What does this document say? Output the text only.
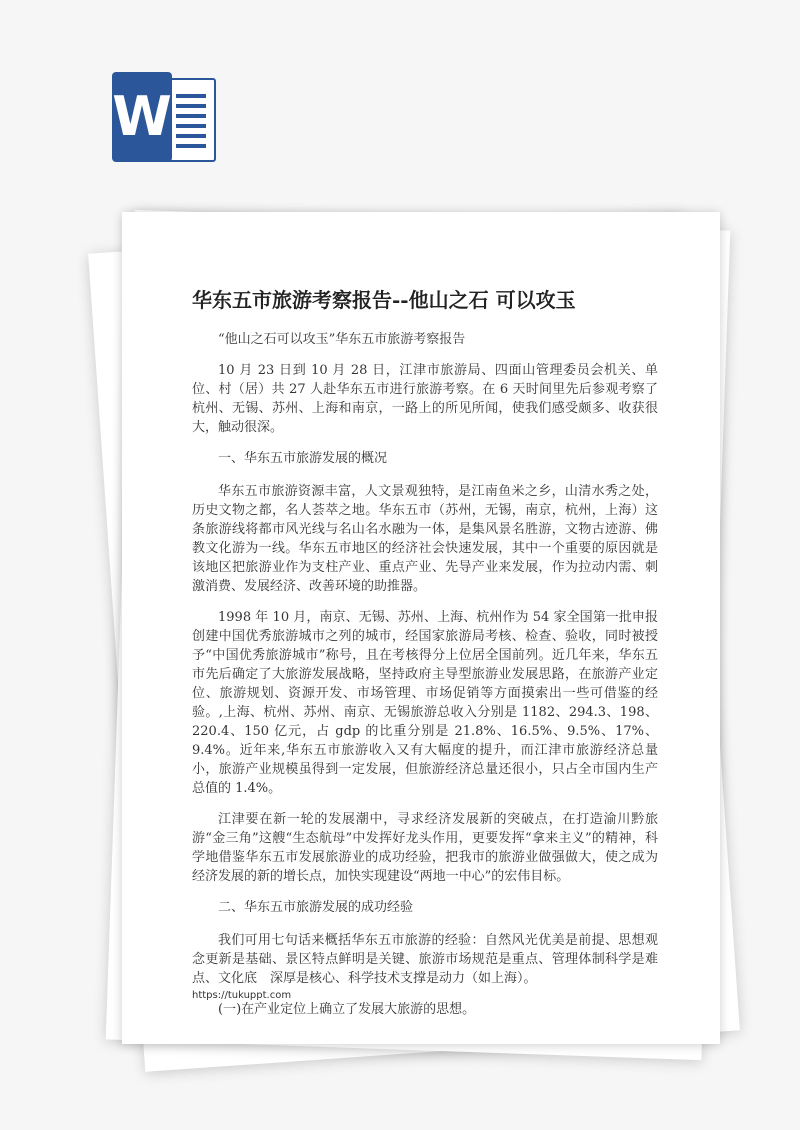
W
华东五市旅游考察报告--他山之石 可以攻玉

“他山之石可以攻玉”华东五市旅游考察报告

10 月 23 日到 10 月 28 日，江津市旅游局、四面山管理委员会机关、单位、村（居）共 27 人赴华东五市进行旅游考察。在 6 天时间里先后参观考察了杭州、无锡、苏州、上海和南京，一路上的所见所闻，使我们感受颇多、收获很大，触动很深。

一、华东五市旅游发展的概况

华东五市旅游资源丰富，人文景观独特，是江南鱼米之乡，山清水秀之处，历史文物之都，名人荟萃之地。华东五市（苏州，无锡，南京，杭州，上海）这条旅游线将都市风光线与名山名水融为一体，是集风景名胜游，文物古迹游、佛教文化游为一线。华东五市地区的经济社会快速发展，其中一个重要的原因就是该地区把旅游业作为支柱产业、重点产业、先导产业来发展，作为拉动内需、刺激消费、发展经济、改善环境的助推器。

1998 年 10 月，南京、无锡、苏州、上海、杭州作为 54 家全国第一批申报创建中国优秀旅游城市之列的城市，经国家旅游局考核、检查、验收，同时被授予“中国优秀旅游城市”称号，且在考核得分上位居全国前列。近几年来，华东五市先后确定了大旅游发展战略，坚持政府主导型旅游业发展思路，在旅游产业定位、旅游规划、资源开发、市场管理、市场促销等方面摸索出一些可借鉴的经验。,上海、杭州、苏州、南京、无锡旅游总收入分别是 1182、294.3、198、220.4、150 亿元，占 gdp 的比重分别是 21.8%、16.5%、9.5%、17%、9.4%。近年来,华东五市旅游收入又有大幅度的提升，而江津市旅游经济总量小，旅游产业规模虽得到一定发展，但旅游经济总量还很小，只占全市国内生产总值的 1.4%。

江津要在新一轮的发展潮中，寻求经济发展新的突破点，在打造渝川黔旅游“金三角”这艘“生态航母”中发挥好龙头作用，更要发挥“拿来主义”的精神，科学地借鉴华东五市发展旅游业的成功经验，把我市的旅游业做强做大，使之成为经济发展的新的增长点，加快实现建设“两地一中心”的宏伟目标。

二、华东五市旅游发展的成功经验

我们可用七句话来概括华东五市旅游的经验：自然风光优美是前提、思想观念更新是基础、景区特点鲜明是关键、旅游市场规范是重点、管理体制科学是难点、文化底　深厚是核心、科学技术支撑是动力（如上海）。

(一)在产业定位上确立了发展大旅游的思想。

https://tukuppt.com
